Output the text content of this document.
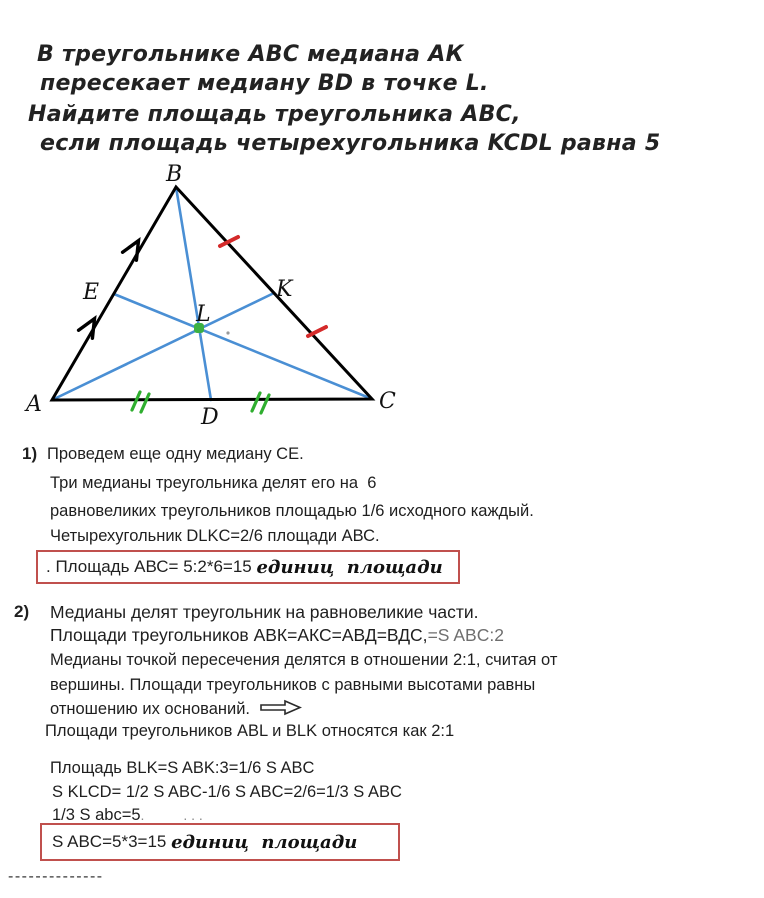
В треугольнике АВС медиана АК
пересекает медиану BD в точке L.
Найдите площадь треугольника АВС,
если площадь четырехугольника KCDL равна 5
A
B
C
D
E	K
L
1) Проведем еще одну медиану СЕ.
Три медианы треугольника делят его на  6
равновеликих треугольников площадью 1/6 исходного каждый.
Четырехугольник DLKC=2/6 площади АВС.
. Площадь АВС= 5:2*6=15 единиц  площади
2) Медианы делят треугольник на равновеликие части.
Площади треугольников АВК=АКС=АВД=ВДС,=S ABC:2
Медианы точкой пересечения делятся в отношении 2:1, считая от
вершины. Площади треугольников с равными высотами равны
отношению их оснований.
Площади треугольников ABL и BLK относятся как 2:1
Площадь BLK=S ABK:3=1/6 S ABC
S KLCD= 1/2 S ABC-1/6 S ABC=2/6=1/3 S ABC
1/3 S abc=5.          . . .
S ABC=5*3=15 единиц  площади
--------------
